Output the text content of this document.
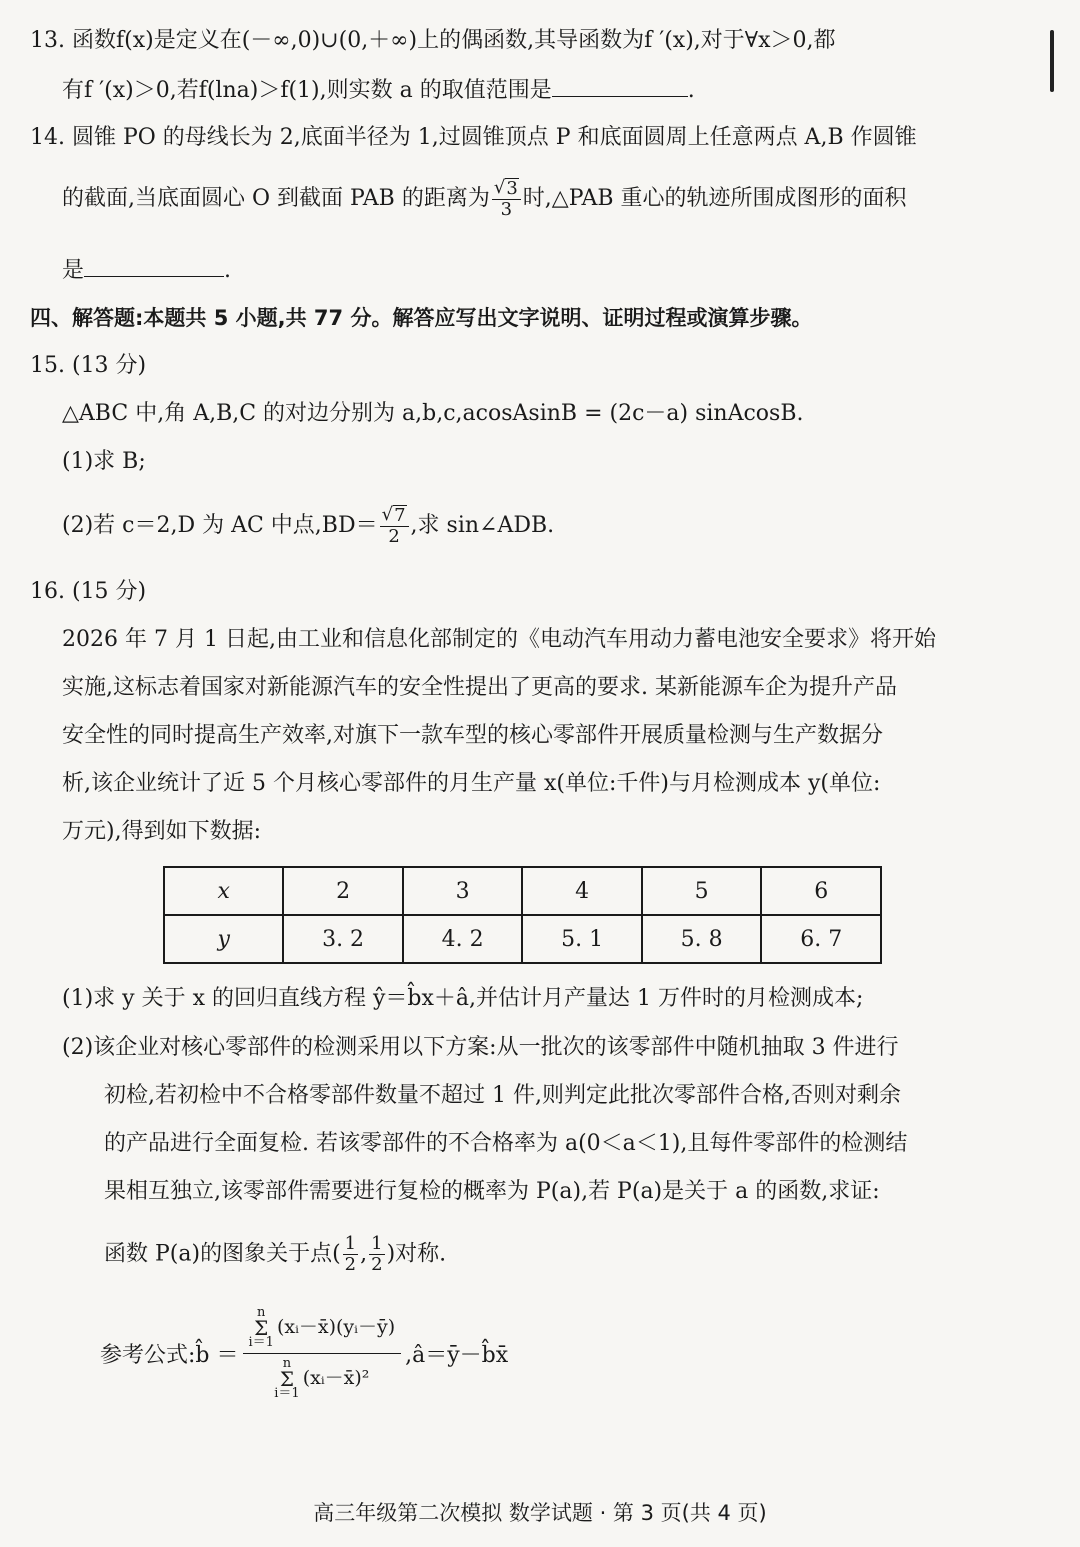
13. 函数f(x)是定义在(－∞,0)∪(0,＋∞)上的偶函数,其导函数为f ′(x),对于∀x＞0,都
有f ′(x)＞0,若f(lna)＞f(1),则实数 a 的取值范围是	.
14. 圆锥 PO 的母线长为 2,底面半径为 1,过圆锥顶点 P 和底面圆周上任意两点 A,B 作圆锥
的截面,当底面圆心 O 到截面 PAB 的距离为 $\frac{√ 3}{3}$ 时,△PAB 重心的轨迹所围成图形的面积
是	.
四、解答题:本题共 5 小题,共 77 分。解答应写出文字说明、证明过程或演算步骤。
15. (13 分)
△ABC 中,角 A,B,C 的对边分别为 a,b,c,acosAsinB = (2c－a) sinAcosB.
(1)求 B;
(2)若 c＝2,D 为 AC 中点$,BD= \frac{√ 7}{2}$ ,求 sin∠ADB.
16. (15 分)
2026 年 7 月 1 日起,由工业和信息化部制定的《电动汽车用动力蓄电池安全要求》将开始
实施,这标志着国家对新能源汽车的安全性提出了更高的要求. 某新能源车企为提升产品
安全性的同时提高生产效率,对旗下一款车型的核心零部件开展质量检测与生产数据分
析,该企业统计了近 5 个月核心零部件的月生产量 x(单位:千件)与月检测成本 y(单位:
万元),得到如下数据:
x	2	3	4	5	6
y	3. 2	4. 2	5. 1	5. 8	6. 7
(1)求 y 关于 x 的回归直线方程 ŷ＝b̂x＋â,并估计月产量达 1 万件时的月检测成本;
(2)该企业对核心零部件的检测采用以下方案:从一批次的该零部件中随机抽取 3 件进行
初检,若初检中不合格零部件数量不超过 1 件,则判定此批次零部件合格,否则对剩余
的产品进行全面复检. 若该零部件的不合格率为 a(0＜a＜1),且每件零部件的检测结
果相互独立,该零部件需要进行复检的概率为 P(a),若 P(a)是关于 a 的函数,求证:
函数 P(a)的图象关于点( $\frac{1}{2}$ , $\frac{1}{2}$ )对称.
参考公式:b̂ ＝ n
Σ
i＝1
(xᵢ－x̄)(yᵢ－ȳ)
n
Σ
i＝1
(xᵢ－x̄)² ,â＝ȳ－b̂x̄
高三年级第二次模拟 数学试题 · 第 3 页(共 4 页)
